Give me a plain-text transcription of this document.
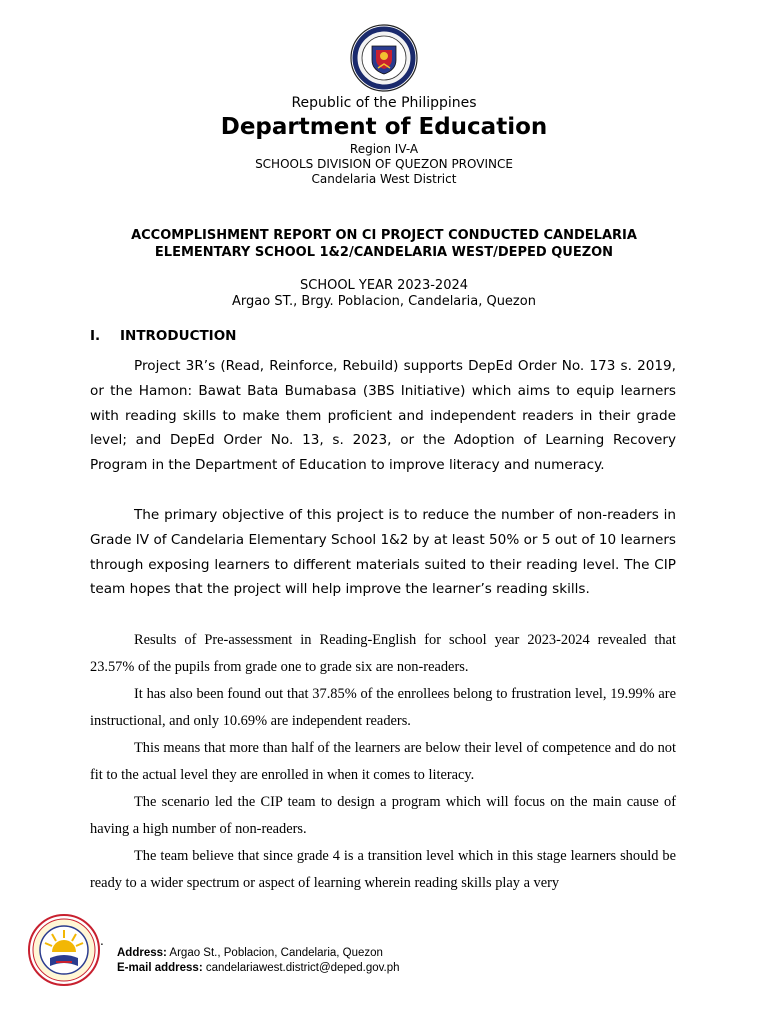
Republic of the Philippines
Department of Education
Region IV-A
SCHOOLS DIVISION OF QUEZON PROVINCE
Candelaria West District
ACCOMPLISHMENT REPORT ON CI PROJECT CONDUCTED CANDELARIA ELEMENTARY SCHOOL 1&2/CANDELARIA WEST/DEPED QUEZON
SCHOOL YEAR 2023-2024
Argao ST., Brgy. Poblacion, Candelaria, Quezon
I. INTRODUCTION

Project 3R’s (Read, Reinforce, Rebuild) supports DepEd Order No. 173 s. 2019, or the Hamon: Bawat Bata Bumabasa (3BS Initiative) which aims to equip learners with reading skills to make them proficient and independent readers in their grade level; and DepEd Order No. 13, s. 2023, or the Adoption of Learning Recovery Program in the Department of Education to improve literacy and numeracy.

The primary objective of this project is to reduce the number of non-readers in Grade IV of Candelaria Elementary School 1&2 by at least 50% or 5 out of 10 learners through exposing learners to different materials suited to their reading level. The CIP team hopes that the project will help improve the learner’s reading skills.

Results of Pre-assessment in Reading-English for school year 2023-2024 revealed that 23.57% of the pupils from grade one to grade six are non-readers.

It has also been found out that 37.85% of the enrollees belong to frustration level, 19.99% are instructional, and only 10.69% are independent readers.

This means that more than half of the learners are below their level of competence and do not fit to the actual level they are enrolled in when it comes to literacy.

The scenario led the CIP team to design a program which will focus on the main cause of having a high number of non-readers.

The team believe that since grade 4 is a transition level which in this stage learners should be ready to a wider spectrum or aspect of learning wherein reading skills play a very

.
Address: Argao St., Poblacion, Candelaria, Quezon
E-mail address: candelariawest.district@deped.gov.ph
